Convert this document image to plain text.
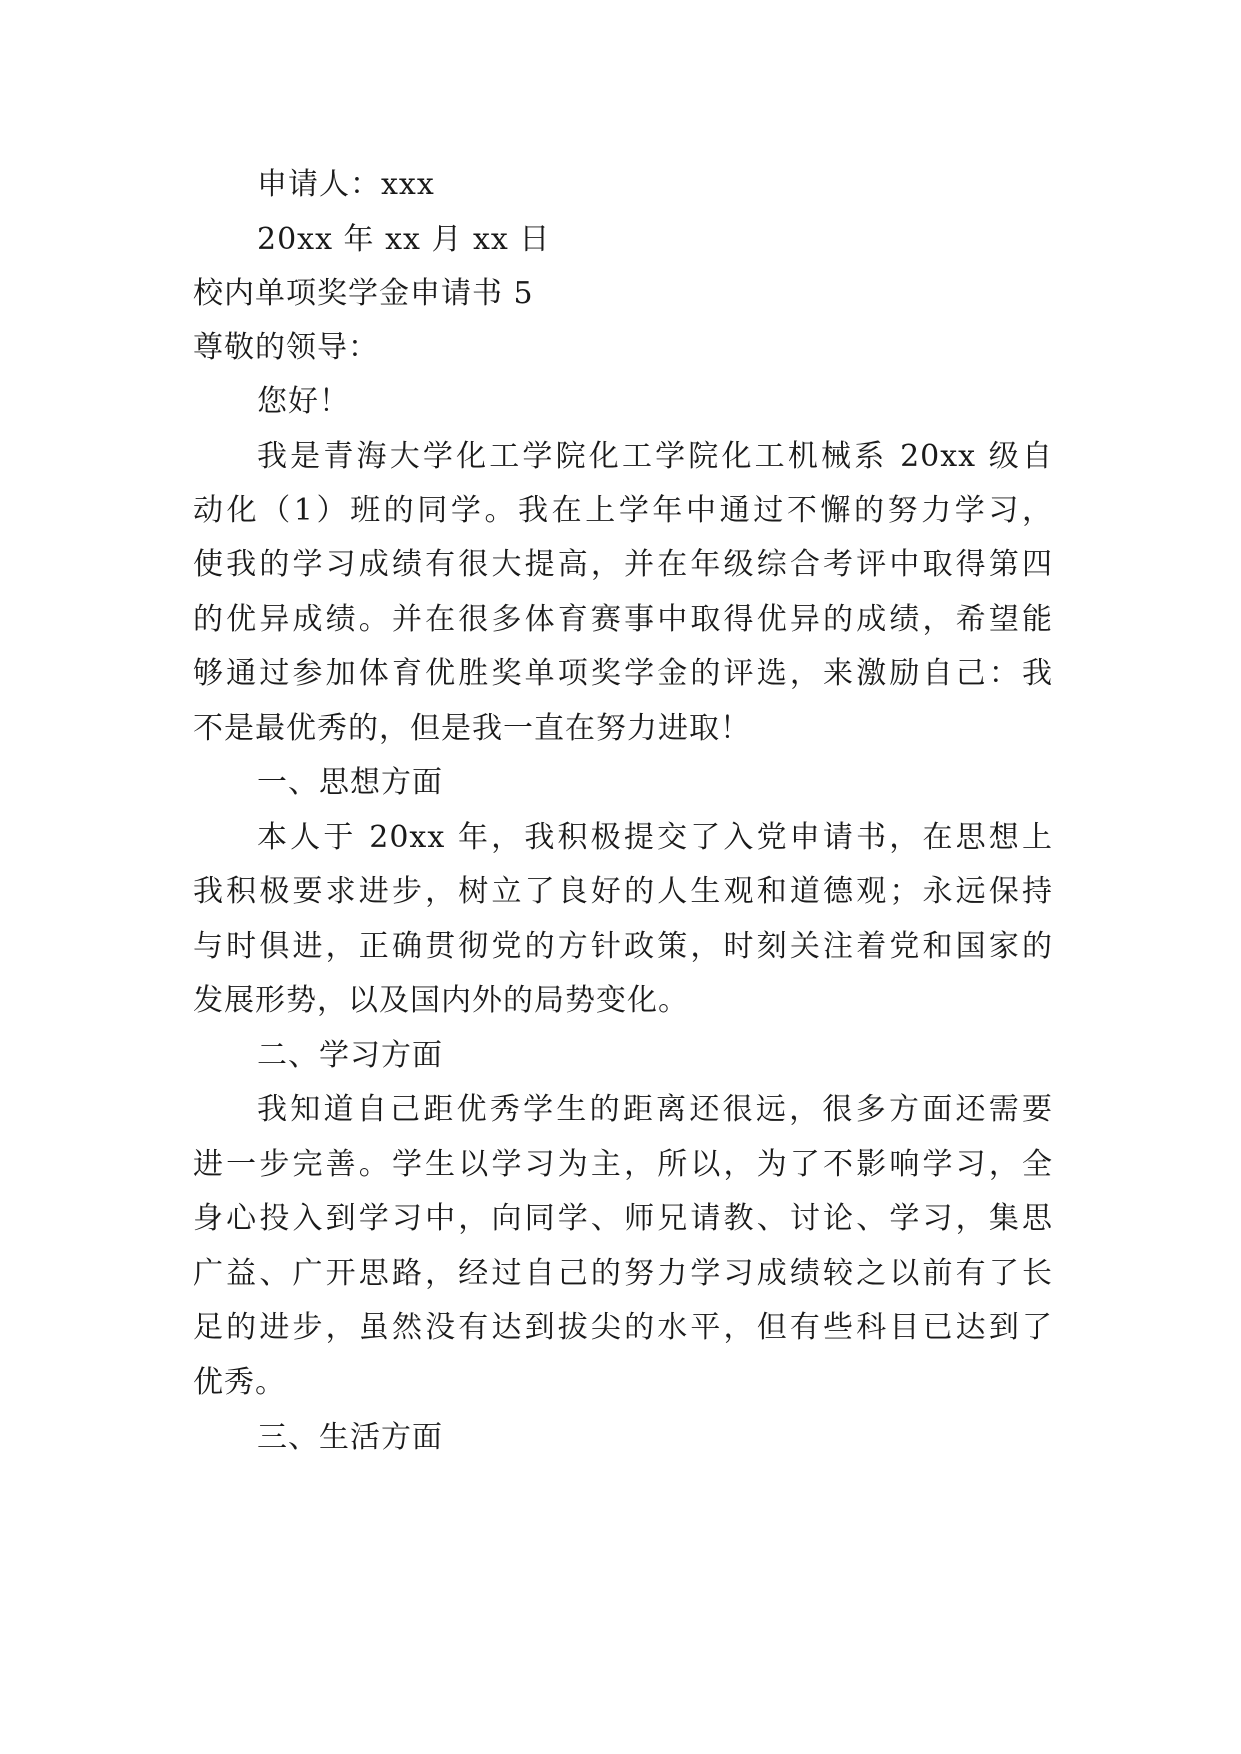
申请人：xxx
20xx 年 xx 月 xx 日
校内单项奖学金申请书 5
尊敬的领导：
您好！
我是青海大学化工学院化工学院化工机械系 20xx 级自
动化（1）班的同学。我在上学年中通过不懈的努力学习，
使我的学习成绩有很大提高，并在年级综合考评中取得第四
的优异成绩。并在很多体育赛事中取得优异的成绩，希望能
够通过参加体育优胜奖单项奖学金的评选，来激励自己：我
不是最优秀的，但是我一直在努力进取！
一、思想方面
本人于 20xx 年，我积极提交了入党申请书，在思想上
我积极要求进步，树立了良好的人生观和道德观；永远保持
与时俱进，正确贯彻党的方针政策，时刻关注着党和国家的
发展形势，以及国内外的局势变化。
二、学习方面
我知道自己距优秀学生的距离还很远，很多方面还需要
进一步完善。学生以学习为主，所以，为了不影响学习，全
身心投入到学习中，向同学、师兄请教、讨论、学习，集思
广益、广开思路，经过自己的努力学习成绩较之以前有了长
足的进步，虽然没有达到拔尖的水平，但有些科目已达到了
优秀。
三、生活方面
